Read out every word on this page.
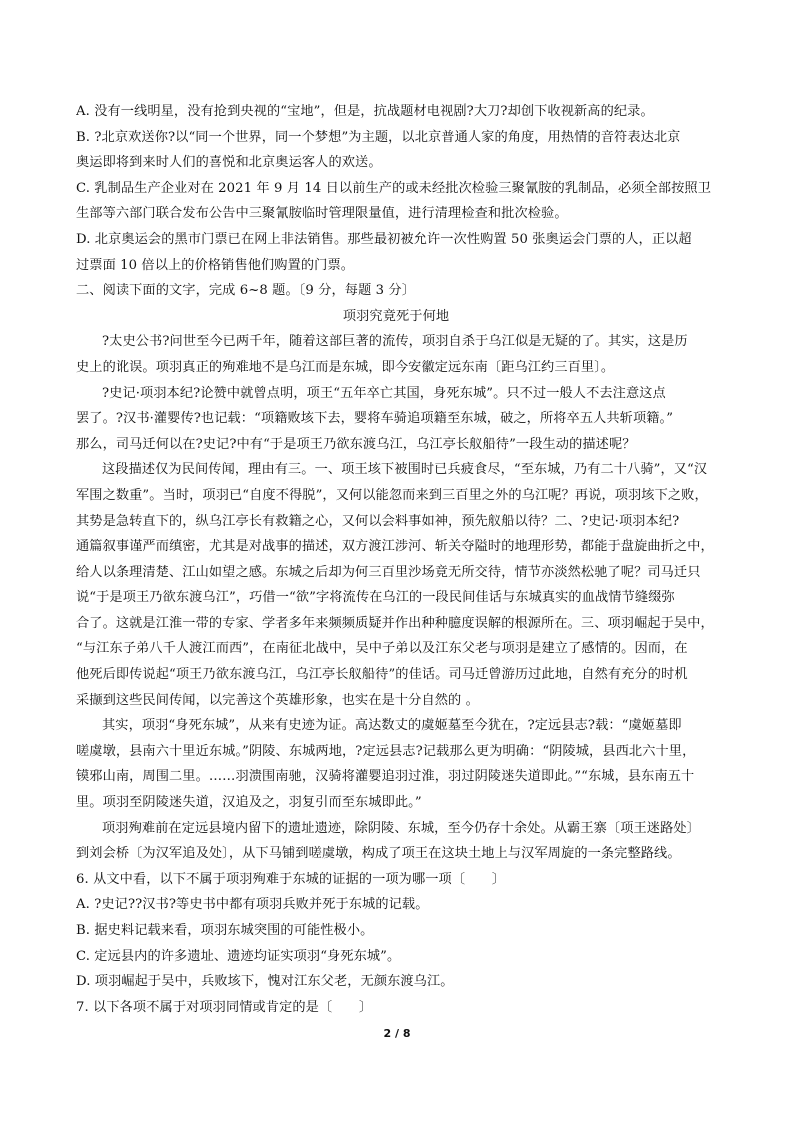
A. 没有一线明星，没有抢到央视的“宝地”，但是，抗战题材电视剧?大刀?却创下收视新高的纪录。
B. ?北京欢送你?以“同一个世界，同一个梦想”为主题，以北京普通人家的角度，用热情的音符表达北京
奥运即将到来时人们的喜悦和北京奥运客人的欢送。
C. 乳制品生产企业对在 2021 年 9 月 14 日以前生产的或未经批次检验三聚氰胺的乳制品，必须全部按照卫
生部等六部门联合发布公告中三聚氰胺临时管理限量值，进行清理检查和批次检验。
D. 北京奥运会的黑市门票已在网上非法销售。那些最初被允许一次性购置 50 张奥运会门票的人，正以超
过票面 10 倍以上的价格销售他们购置的门票。
二、阅读下面的文字，完成 6~8 题。〔9 分，每题 3 分〕
项羽究竟死于何地
?太史公书?问世至今已两千年，随着这部巨著的流传，项羽自杀于乌江似是无疑的了。其实，这是历
史上的讹误。项羽真正的殉难地不是乌江而是东城，即今安徽定远东南〔距乌江约三百里〕。
?史记·项羽本纪?论赞中就曾点明，项王“五年卒亡其国，身死东城”。只不过一般人不去注意这点
罢了。?汉书·灌婴传?也记载：“项籍败垓下去，婴将车骑追项籍至东城，破之，所将卒五人共斩项籍。”
那么，司马迁何以在?史记?中有“于是项王乃欲东渡乌江，乌江亭长舣船待”一段生动的描述呢？
这段描述仅为民间传闻，理由有三。一、项王垓下被围时已兵疲食尽，“至东城，乃有二十八骑”，又“汉
军围之数重”。当时，项羽已“自度不得脱”，又何以能忽而来到三百里之外的乌江呢？再说，项羽垓下之败，
其势是急转直下的，纵乌江亭长有救籍之心，又何以会料事如神，预先舣船以待？二、?史记·项羽本纪?
通篇叙事谨严而缜密，尤其是对战事的描述，双方渡江涉河、斩关夺隘时的地理形势，都能于盘旋曲折之中，
给人以条理清楚、江山如望之感。东城之后却为何三百里沙场竟无所交待，情节亦淡然松驰了呢？司马迁只
说“于是项王乃欲东渡乌江”，巧借一“欲”字将流传在乌江的一段民间佳话与东城真实的血战情节缝缀弥
合了。这就是江淮一带的专家、学者多年来频频质疑并作出种种臆度误解的根源所在。三、项羽崛起于吴中，
“与江东子弟八千人渡江而西”，在南征北战中，吴中子弟以及江东父老与项羽是建立了感情的。因而，在
他死后即传说起“项王乃欲东渡乌江，乌江亭长舣船待”的佳话。司马迁曾游历过此地，自然有充分的时机
采撷到这些民间传闻，以完善这个英雄形象，也实在是十分自然的 。
其实，项羽“身死东城”，从来有史迹为证。高达数丈的虞姬墓至今犹在，?定远县志?载：“虞姬墓即
嗟虞墩，县南六十里近东城。”阴陵、东城两地，?定远县志?记载那么更为明确：“阴陵城，县西北六十里，
镆邪山南，周围二里。……羽溃围南驰，汉骑将灌婴追羽过淮，羽过阴陵迷失道即此。”“东城，县东南五十
里。项羽至阴陵迷失道，汉追及之，羽复引而至东城即此。”
项羽殉难前在定远县境内留下的遗址遗迹，除阴陵、东城，至今仍存十余处。从霸王寨〔项王迷路处〕
到刘会桥〔为汉军追及处〕，从下马铺到嗟虞墩，构成了项王在这块土地上与汉军周旋的一条完整路线。
6. 从文中看，以下不属于项羽殉难于东城的证据的一项为哪一项〔　　〕
A. ?史记??汉书?等史书中都有项羽兵败并死于东城的记载。
B. 据史料记载来看，项羽东城突围的可能性极小。
C. 定远县内的许多遗址、遗迹均证实项羽“身死东城”。
D. 项羽崛起于吴中，兵败垓下，愧对江东父老，无颜东渡乌江。
7. 以下各项不属于对项羽同情或肯定的是〔　　〕
2 / 8
